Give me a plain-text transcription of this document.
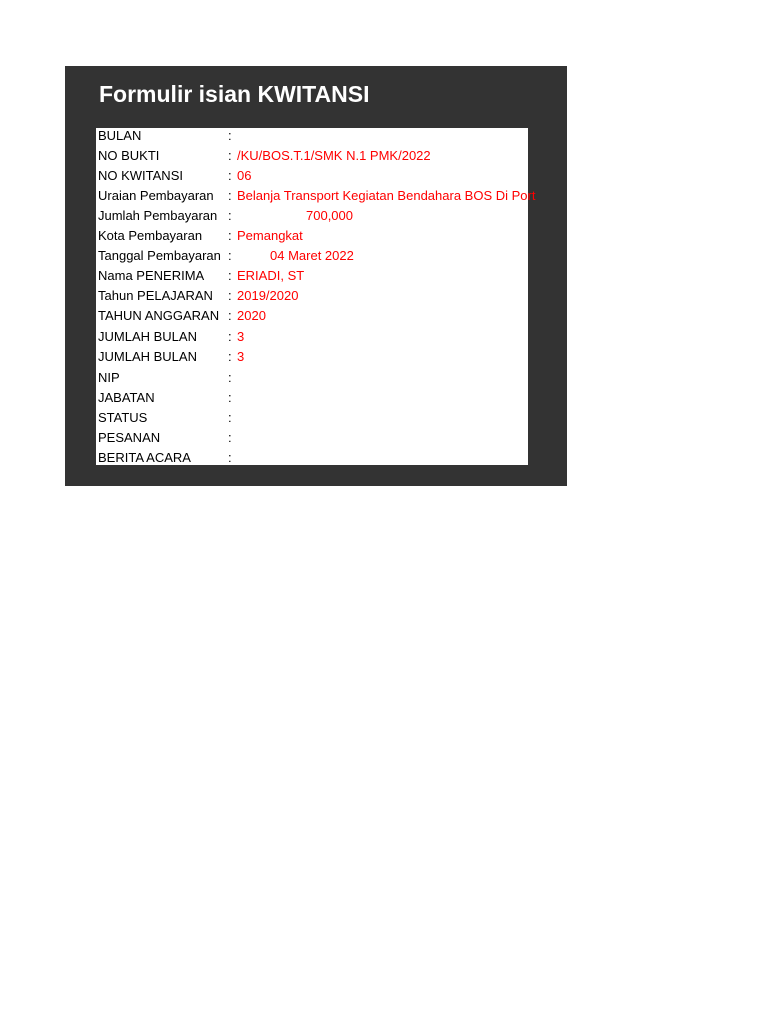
Formulir isian KWITANSI
BULAN	:
NO BUKTI	: /KU/BOS.T.1/SMK N.1 PMK/2022
NO KWITANSI	: 06
Uraian Pembayaran : Belanja Transport Kegiatan Bendahara BOS Di Port
Jumlah Pembayaran :	700,000
Kota Pembayaran : Pemangkat
Tanggal Pembayaran :	04 Maret 2022
Nama PENERIMA : ERIADI, ST
Tahun PELAJARAN : 2019/2020
TAHUN ANGGARAN : 2020
JUMLAH BULAN : 3
JUMLAH BULAN : 3
NIP	:
JABATAN	:
STATUS	:
PESANAN	:
BERITA ACARA	:
